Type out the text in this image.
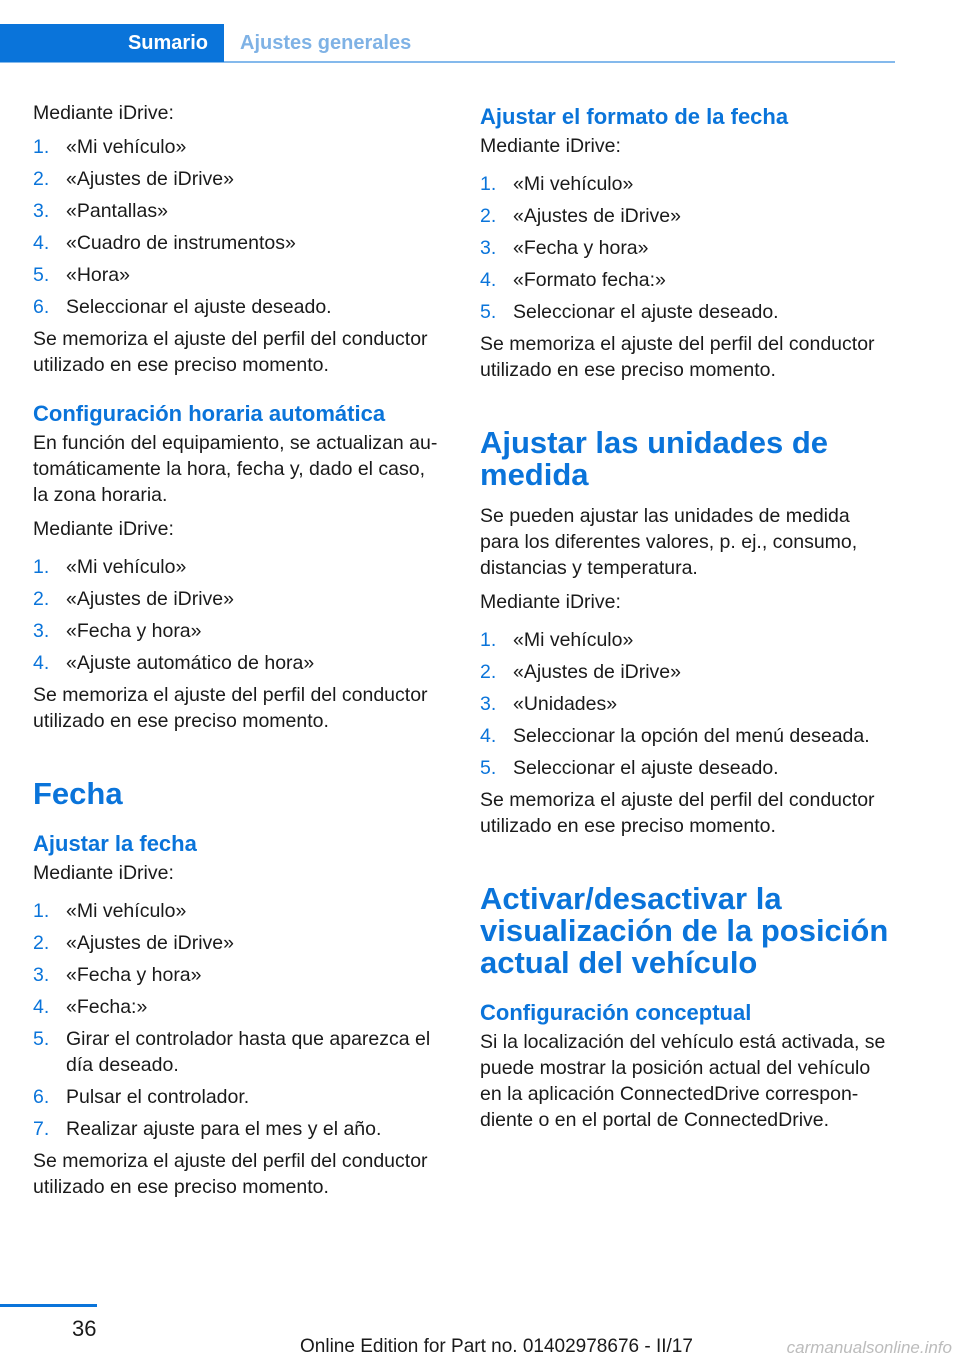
Sumario	Ajustes generales

Mediante iDrive:

1. «Mi vehículo»
2. «Ajustes de iDrive»
3. «Pantallas»
4. «Cuadro de instrumentos»
5. «Hora»
6. Seleccionar el ajuste deseado.

Se memoriza el ajuste del perfil del conductor utilizado en ese preciso momento.

Configuración horaria automática

En función del equipamiento, se actualizan automáticamente la hora, fecha y, dado el caso, la zona horaria.

Mediante iDrive:

1. «Mi vehículo»
2. «Ajustes de iDrive»
3. «Fecha y hora»
4. «Ajuste automático de hora»

Se memoriza el ajuste del perfil del conductor utilizado en ese preciso momento.

Fecha
Ajustar la fecha

Mediante iDrive:

1. «Mi vehículo»
2. «Ajustes de iDrive»
3. «Fecha y hora»
4. «Fecha:»
5. Girar el controlador hasta que aparezca el día deseado.
6. Pulsar el controlador.
7. Realizar ajuste para el mes y el año.

Se memoriza el ajuste del perfil del conductor utilizado en ese preciso momento.

Ajustar el formato de la fecha

Mediante iDrive:

1. «Mi vehículo»
2. «Ajustes de iDrive»
3. «Fecha y hora»
4. «Formato fecha:»
5. Seleccionar el ajuste deseado.

Se memoriza el ajuste del perfil del conductor utilizado en ese preciso momento.

Ajustar las unidades de medida

Se pueden ajustar las unidades de medida para los diferentes valores, p. ej., consumo, distancias y temperatura.

Mediante iDrive:

1. «Mi vehículo»
2. «Ajustes de iDrive»
3. «Unidades»
4. Seleccionar la opción del menú deseada.
5. Seleccionar el ajuste deseado.

Se memoriza el ajuste del perfil del conductor utilizado en ese preciso momento.

Activar/desactivar la visualización de la posición actual del vehículo
Configuración conceptual

Si la localización del vehículo está activada, se puede mostrar la posición actual del vehículo en la aplicación ConnectedDrive correspondiente o en el portal de ConnectedDrive.

36
Online Edition for Part no. 01402978676 - II/17	carmanualsonline.info
